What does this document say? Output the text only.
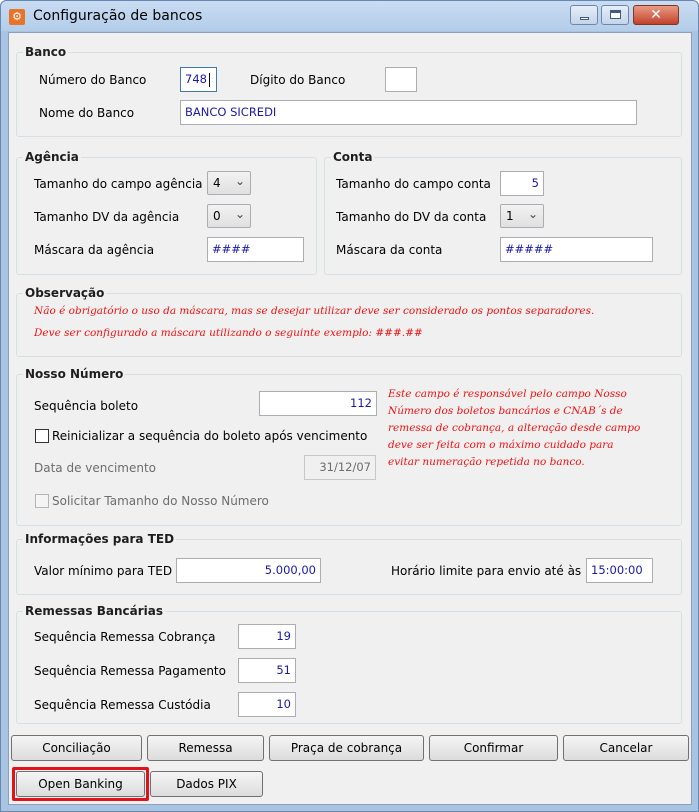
⚙ Configuração de bancos	✕
Banco
Número do Banco	748	Dígito do Banco
Nome do Banco	BANCO SICREDI
Agência
Tamanho do campo agência 4 ⌄
Tamanho DV da agência	0 ⌄
Máscara da agência	####
Conta
Tamanho do campo conta	5
Tamanho do DV da conta 1 ⌄
Máscara da conta	#####
Observação
Não é obrigatório o uso da máscara, mas se desejar utilizar deve ser considerado os pontos separadores.
Deve ser configurado a máscara utilizando o seguinte exemplo: ###.##
Nosso Número
Sequência boleto	112
Reinicializar a sequência do boleto após vencimento
Data de vencimento	31/12/07
Solicitar Tamanho do Nosso Número
Este campo é responsável pelo campo Nosso
Número dos boletos bancários e CNAB´s de
remessa de cobrança, a alteração desde campo
deve ser feita com o máximo cuidado para
evitar numeração repetida no banco.
Informações para TED
Valor mínimo para TED	5.000,00	Horário limite para envio até às 15:00:00
Remessas Bancárias
Sequência Remessa Cobrança	19
Sequência Remessa Pagamento	51
Sequência Remessa Custódia	10
Conciliação	Remessa	Praça de cobrança	Confirmar	Cancelar
Open Banking	Dados PIX
